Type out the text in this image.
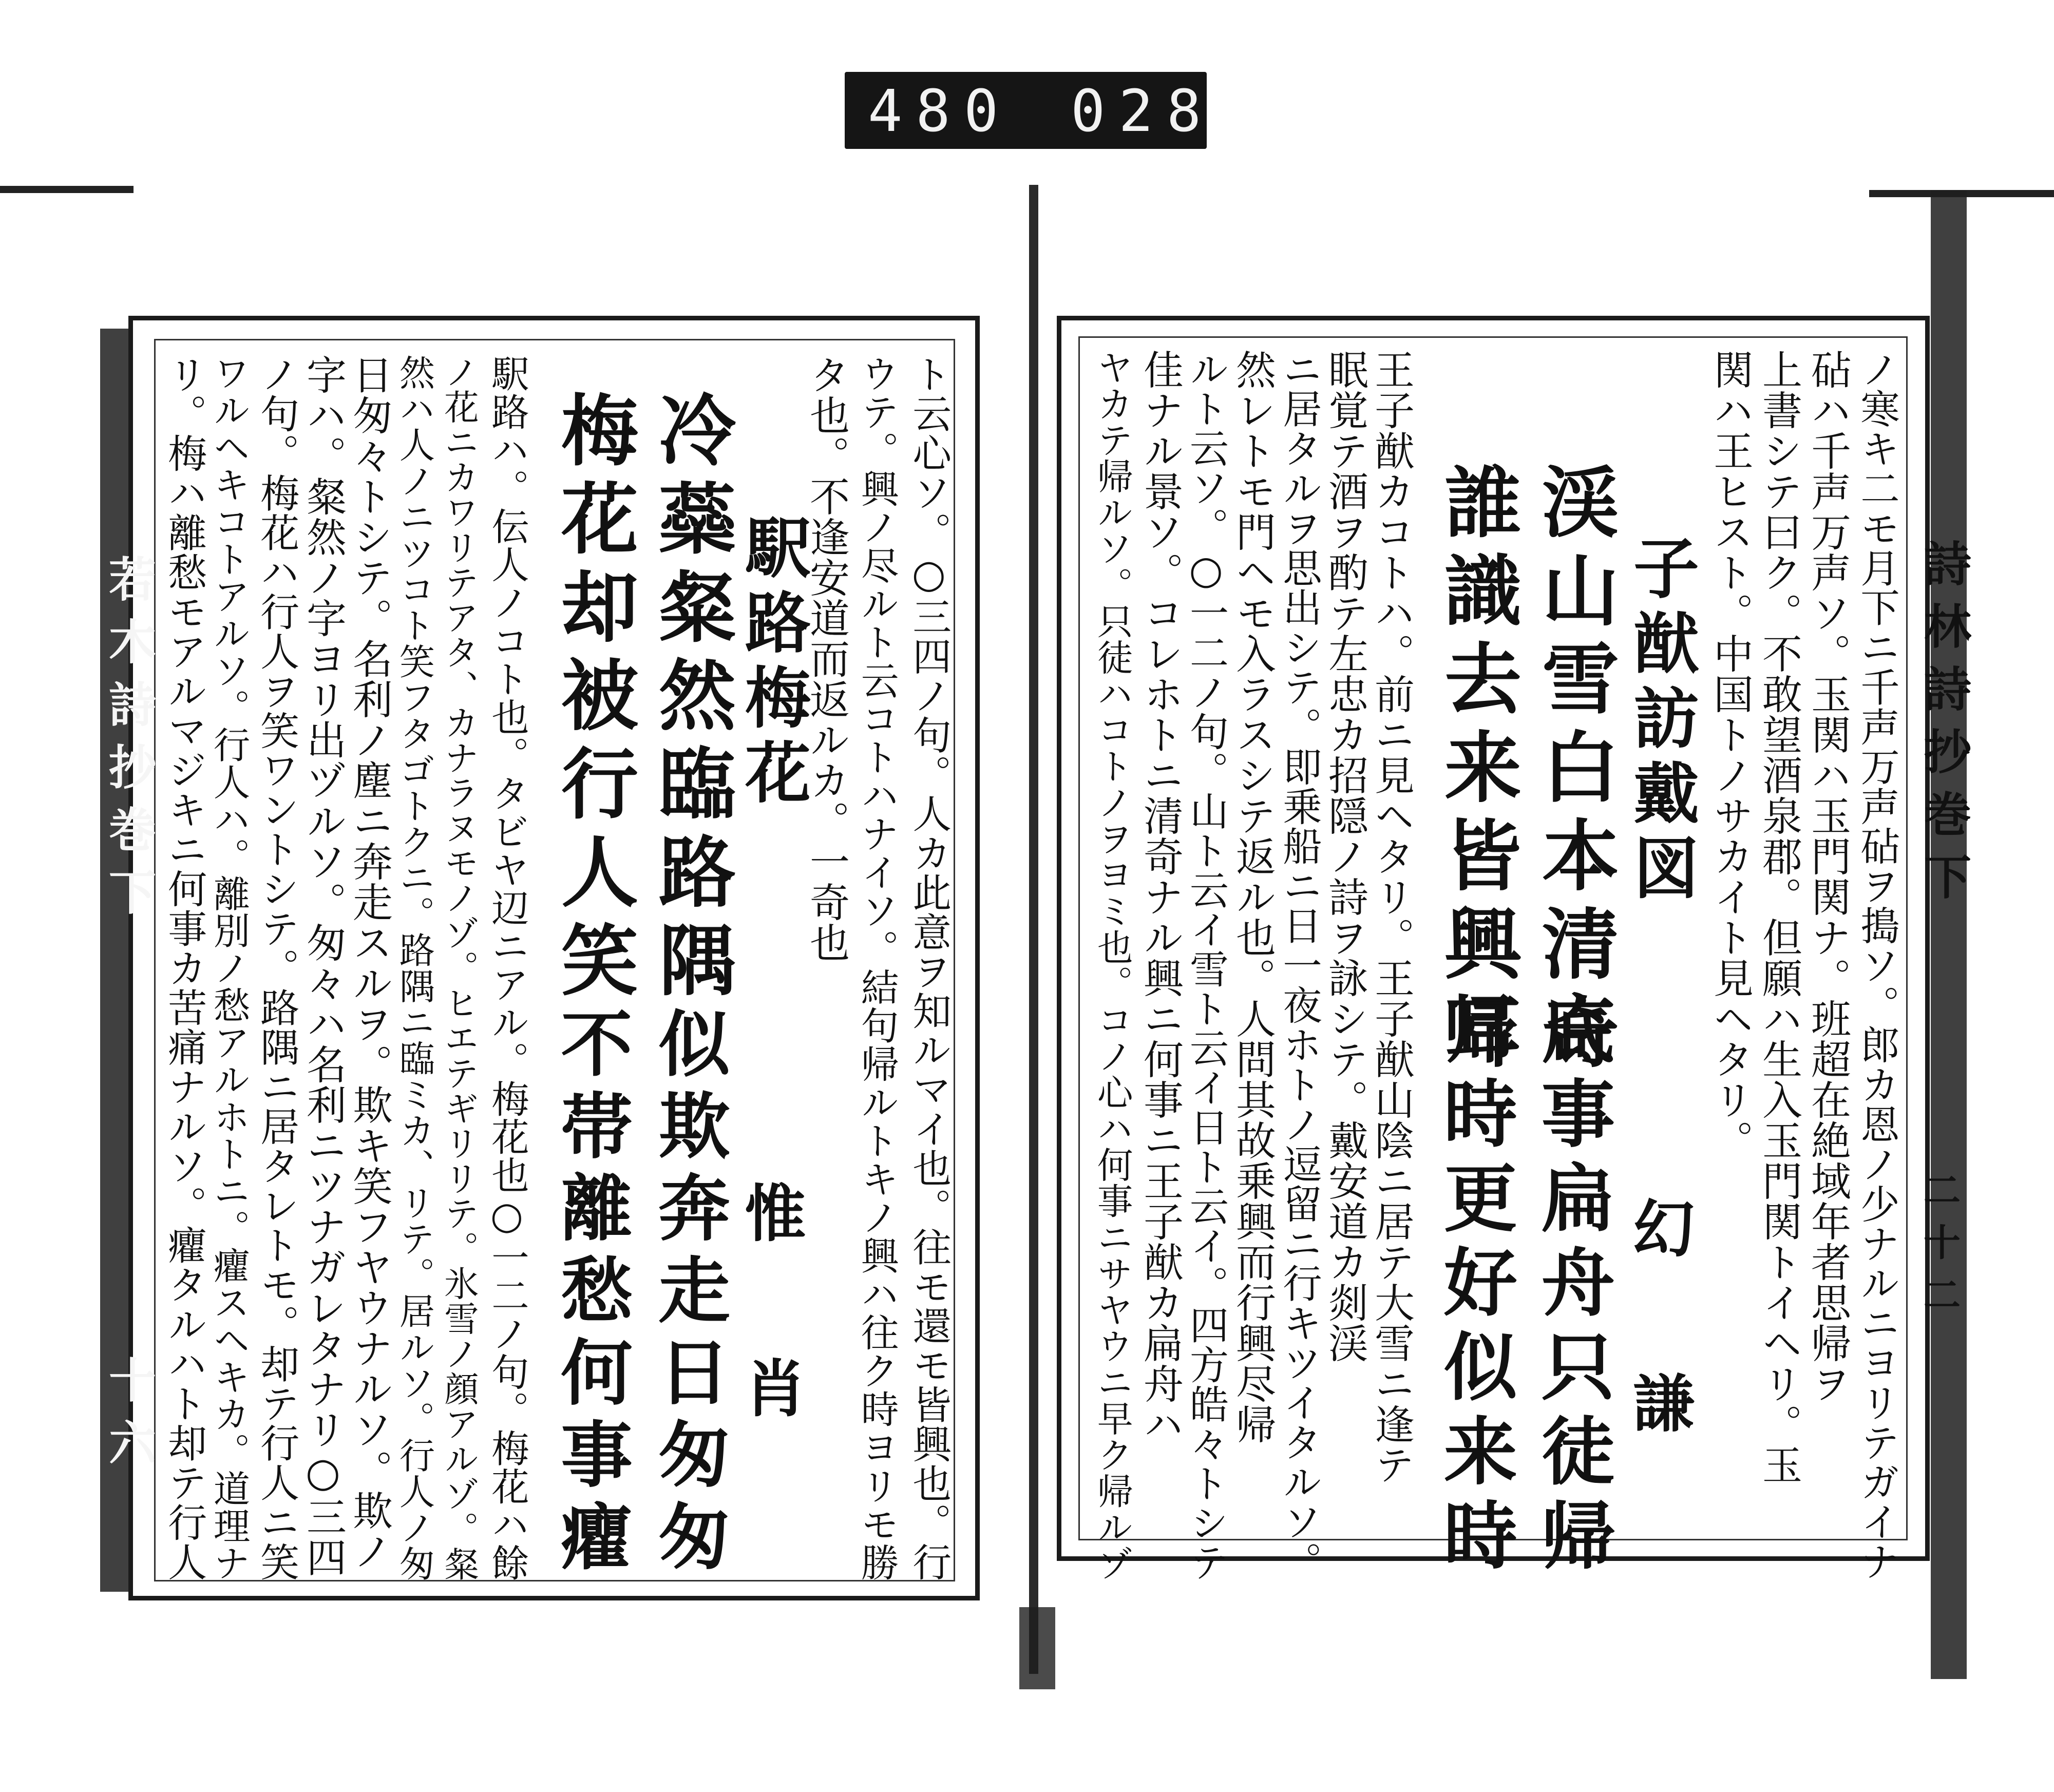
480 028
若木詩抄巻下
十六	ト云心ソ。○三四ノ句。人カ此意ヲ知ルマイ也。往モ還モ皆興也。行
ウテ。興ノ尽ルト云コトハナイソ。結句帰ルトキノ興ハ往ク時ヨリモ勝
タ也。不逢安道而返ルカ。一奇也
駅路梅花
惟 肖
冷蘂粲然臨路隅
梅花却被行人笑
似欺奔走日匆匆
不帯離愁何事癯
駅路ハ。伝人ノコト也。タビヤ辺ニアル。梅花也○一二ノ句。梅花ハ餘
ノ花ニカワリテアタ、カナラヌモノゾ。ヒエテギリリテ。氷雪ノ顔アルゾ。粲
然ハ人ノニツコト笑フタゴトクニ。路隅ニ臨ミカ、リテ。居ルソ。行人ノ匆
日匆々トシテ。名利ノ塵ニ奔走スルヲ。欺キ笑フヤウナルソ。欺ノ
字ハ。粲然ノ字ヨリ出ヅルソ。匆々ハ名利ニツナガレタナリ○三四
ノ句。梅花ハ行人ヲ笑ワントシテ。路隅ニ居タレトモ。却テ行人ニ笑
ワルヘキコトアルソ。行人ハ。離別ノ愁アルホトニ。癯スヘキカ。道理ナ
リ。梅ハ離愁モアルマジキニ何事カ苦痛ナルソ。癯タルハト却テ行人	詩林詩抄巻下
二十二
ノ寒キ二モ月下ニ千声万声砧ヲ搗ソ。郎カ恩ノ少ナルニヨリテガイナ
砧ハ千声万声ソ。玉関ハ玉門関ナ。班超在絶域年者思帰ヲ
上書シテ曰ク。不敢望酒泉郡。但願ハ生入玉門関トイヘリ。玉
関ハ王ヒスト。中国トノサカイト見ヘタリ。
子猷訪戴図
幻 謙
渓山雪白本清奇
誰識去来皆興耳
底事扁舟只徒帰
帰時更好似来時
王子猷カコトハ。前ニ見ヘタリ。王子猷山陰ニ居テ大雪ニ逢テ
眠覚テ酒ヲ酌テ左忠カ招隠ノ詩ヲ詠シテ。戴安道カ剡渓
ニ居タルヲ思出シテ。即乗船ニ日一夜ホトノ逗留ニ行キツイタルソ。
然レトモ門ヘモ入ラスシテ返ル也。人問其故乗興而行興尽帰
ルト云ソ。○一二ノ句。山ト云イ雪ト云イ日ト云イ。四方皓々トシテ
佳ナル景ソ。コレホトニ清奇ナル興ニ何事ニ王子猷カ扁舟ハ
ヤカテ帰ルソ。只徒ハコトノヲヨミ也。コノ心ハ何事ニサヤウニ早ク帰ルゾ
